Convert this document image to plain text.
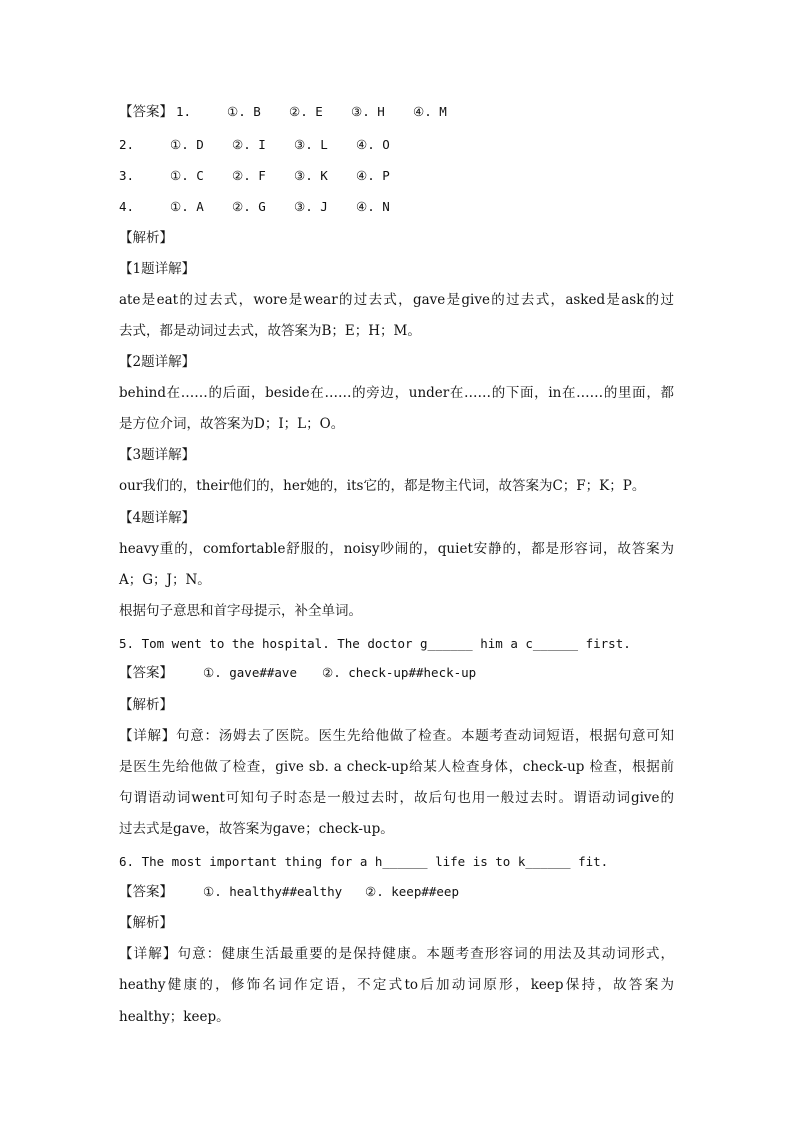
【答案】 1.	①. B ②. E ③. H ④. M
2.	①. D ②. I ③. L ④. O
3.	①. C ②. F ③. K ④. P
4.	①. A ②. G ③. J ④. N
【解析】
【1题详解】
ate是eat的过去式，wore是wear的过去式，gave是give的过去式，asked是ask的过
去式，都是动词过去式，故答案为B；E；H；M。
【2题详解】
behind在……的后面，beside在……的旁边，under在……的下面，in在……的里面，都
是方位介词，故答案为D；I；L；O。
【3题详解】
our我们的，their他们的，her她的，its它的，都是物主代词，故答案为C；F；K；P。
【4题详解】
heavy重的，comfortable舒服的，noisy吵闹的，quiet安静的，都是形容词，故答案为
A；G；J；N。
根据句子意思和首字母提示，补全单词。
5. Tom went to the hospital. The doctor g______ him a c______ first.
【答案】 ①. gave##ave ②. check-up##heck-up
【解析】
【详解】句意：汤姆去了医院。医生先给他做了检查。本题考查动词短语，根据句意可知
是医生先给他做了检查，give sb. a check-up给某人检查身体，check-up 检查，根据前
句谓语动词went可知句子时态是一般过去时，故后句也用一般过去时。谓语动词give的
过去式是gave，故答案为gave；check-up。
6. The most important thing for a h______ life is to k______ fit.
【答案】 ①. healthy##ealthy ②. keep##eep
【解析】
【详解】句意：健康生活最重要的是保持健康。本题考查形容词的用法及其动词形式，
heathy健康的，修饰名词作定语，不定式to后加动词原形，keep保持，故答案为
healthy；keep。
